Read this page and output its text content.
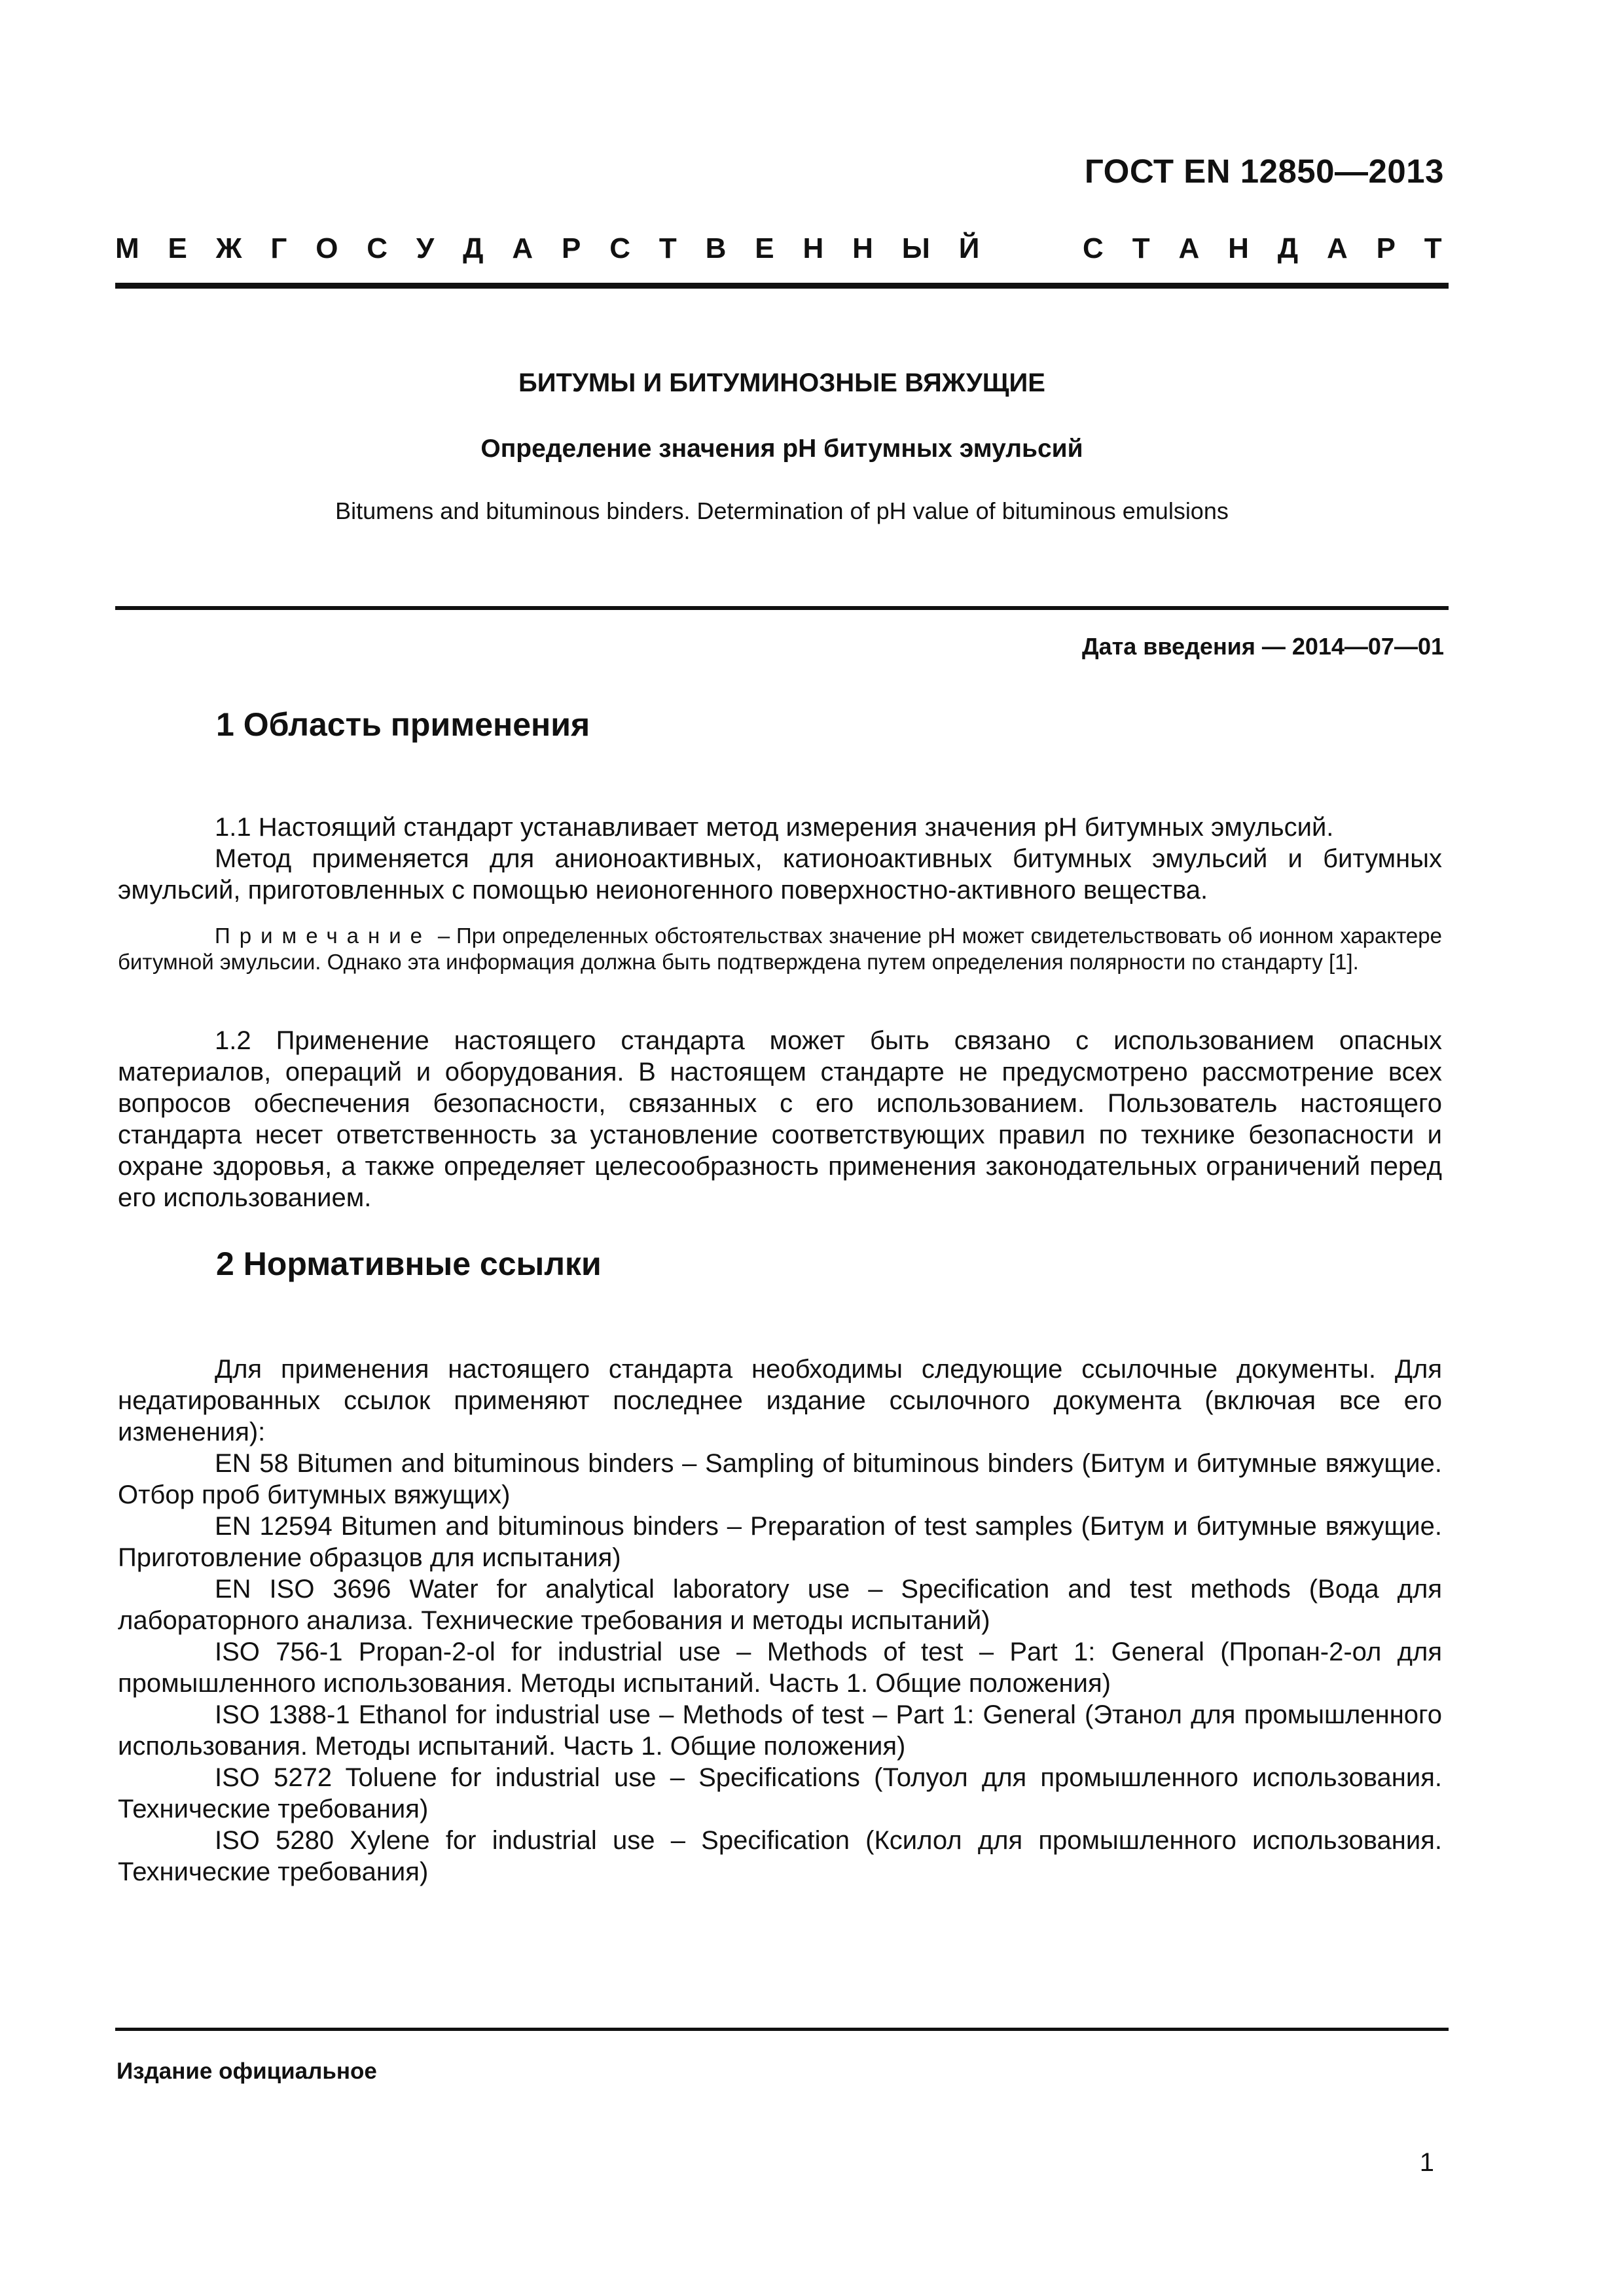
ГОСТ EN 12850—2013
М Е Ж Г О С У Д А Р С Т В Е Н Н Ы Й	С Т А Н Д А Р Т
БИТУМЫ И БИТУМИНОЗНЫЕ ВЯЖУЩИЕ
Определение значения pH битумных эмульсий
Bitumens and bituminous binders. Determination of pH value of bituminous emulsions
Дата введения — 2014—07—01
1 Область применения

1.1 Настоящий стандарт устанавливает метод измерения значения pH битумных эмульсий.

Метод применяется для анионоактивных, катионоактивных битумных эмульсий и битумных эмульсий, приготовленных с помощью неионогенного поверхностно-активного вещества.

Примечание – При определенных обстоятельствах значение pH может свидетельствовать об ионном характере битумной эмульсии. Однако эта информация должна быть подтверждена путем определения полярности по стандарту [1].

1.2 Применение настоящего стандарта может быть связано с использованием опасных материалов, операций и оборудования. В настоящем стандарте не предусмотрено рассмотрение всех вопросов обеспечения безопасности, связанных с его использованием. Пользователь настоящего стандарта несет ответственность за установление соответствующих правил по технике безопасности и охране здоровья, а также определяет целесообразность применения законодательных ограничений перед его использованием.

2 Нормативные ссылки

Для применения настоящего стандарта необходимы следующие ссылочные документы. Для недатированных ссылок применяют последнее издание ссылочного документа (включая все его изменения):

EN 58 Bitumen and bituminous binders – Sampling of bituminous binders (Битум и битумные вяжущие. Отбор проб битумных вяжущих)

EN 12594 Bitumen and bituminous binders – Preparation of test samples (Битум и битумные вяжущие. Приготовление образцов для испытания)

EN ISO 3696 Water for analytical laboratory use – Specification and test methods (Вода для лабораторного анализа. Технические требования и методы испытаний)

ISO 756-1 Propan-2-ol for industrial use – Methods of test – Part 1: General (Пропан-2-ол для промышленного использования. Методы испытаний. Часть 1. Общие положения)

ISO 1388-1 Ethanol for industrial use – Methods of test – Part 1: General (Этанол для промышленного использования. Методы испытаний. Часть 1. Общие положения)

ISO 5272 Toluene for industrial use – Specifications (Толуол для промышленного использования. Технические требования)

ISO 5280 Xylene for industrial use – Specification (Ксилол для промышленного использования. Технические требования)

Издание официальное
1
